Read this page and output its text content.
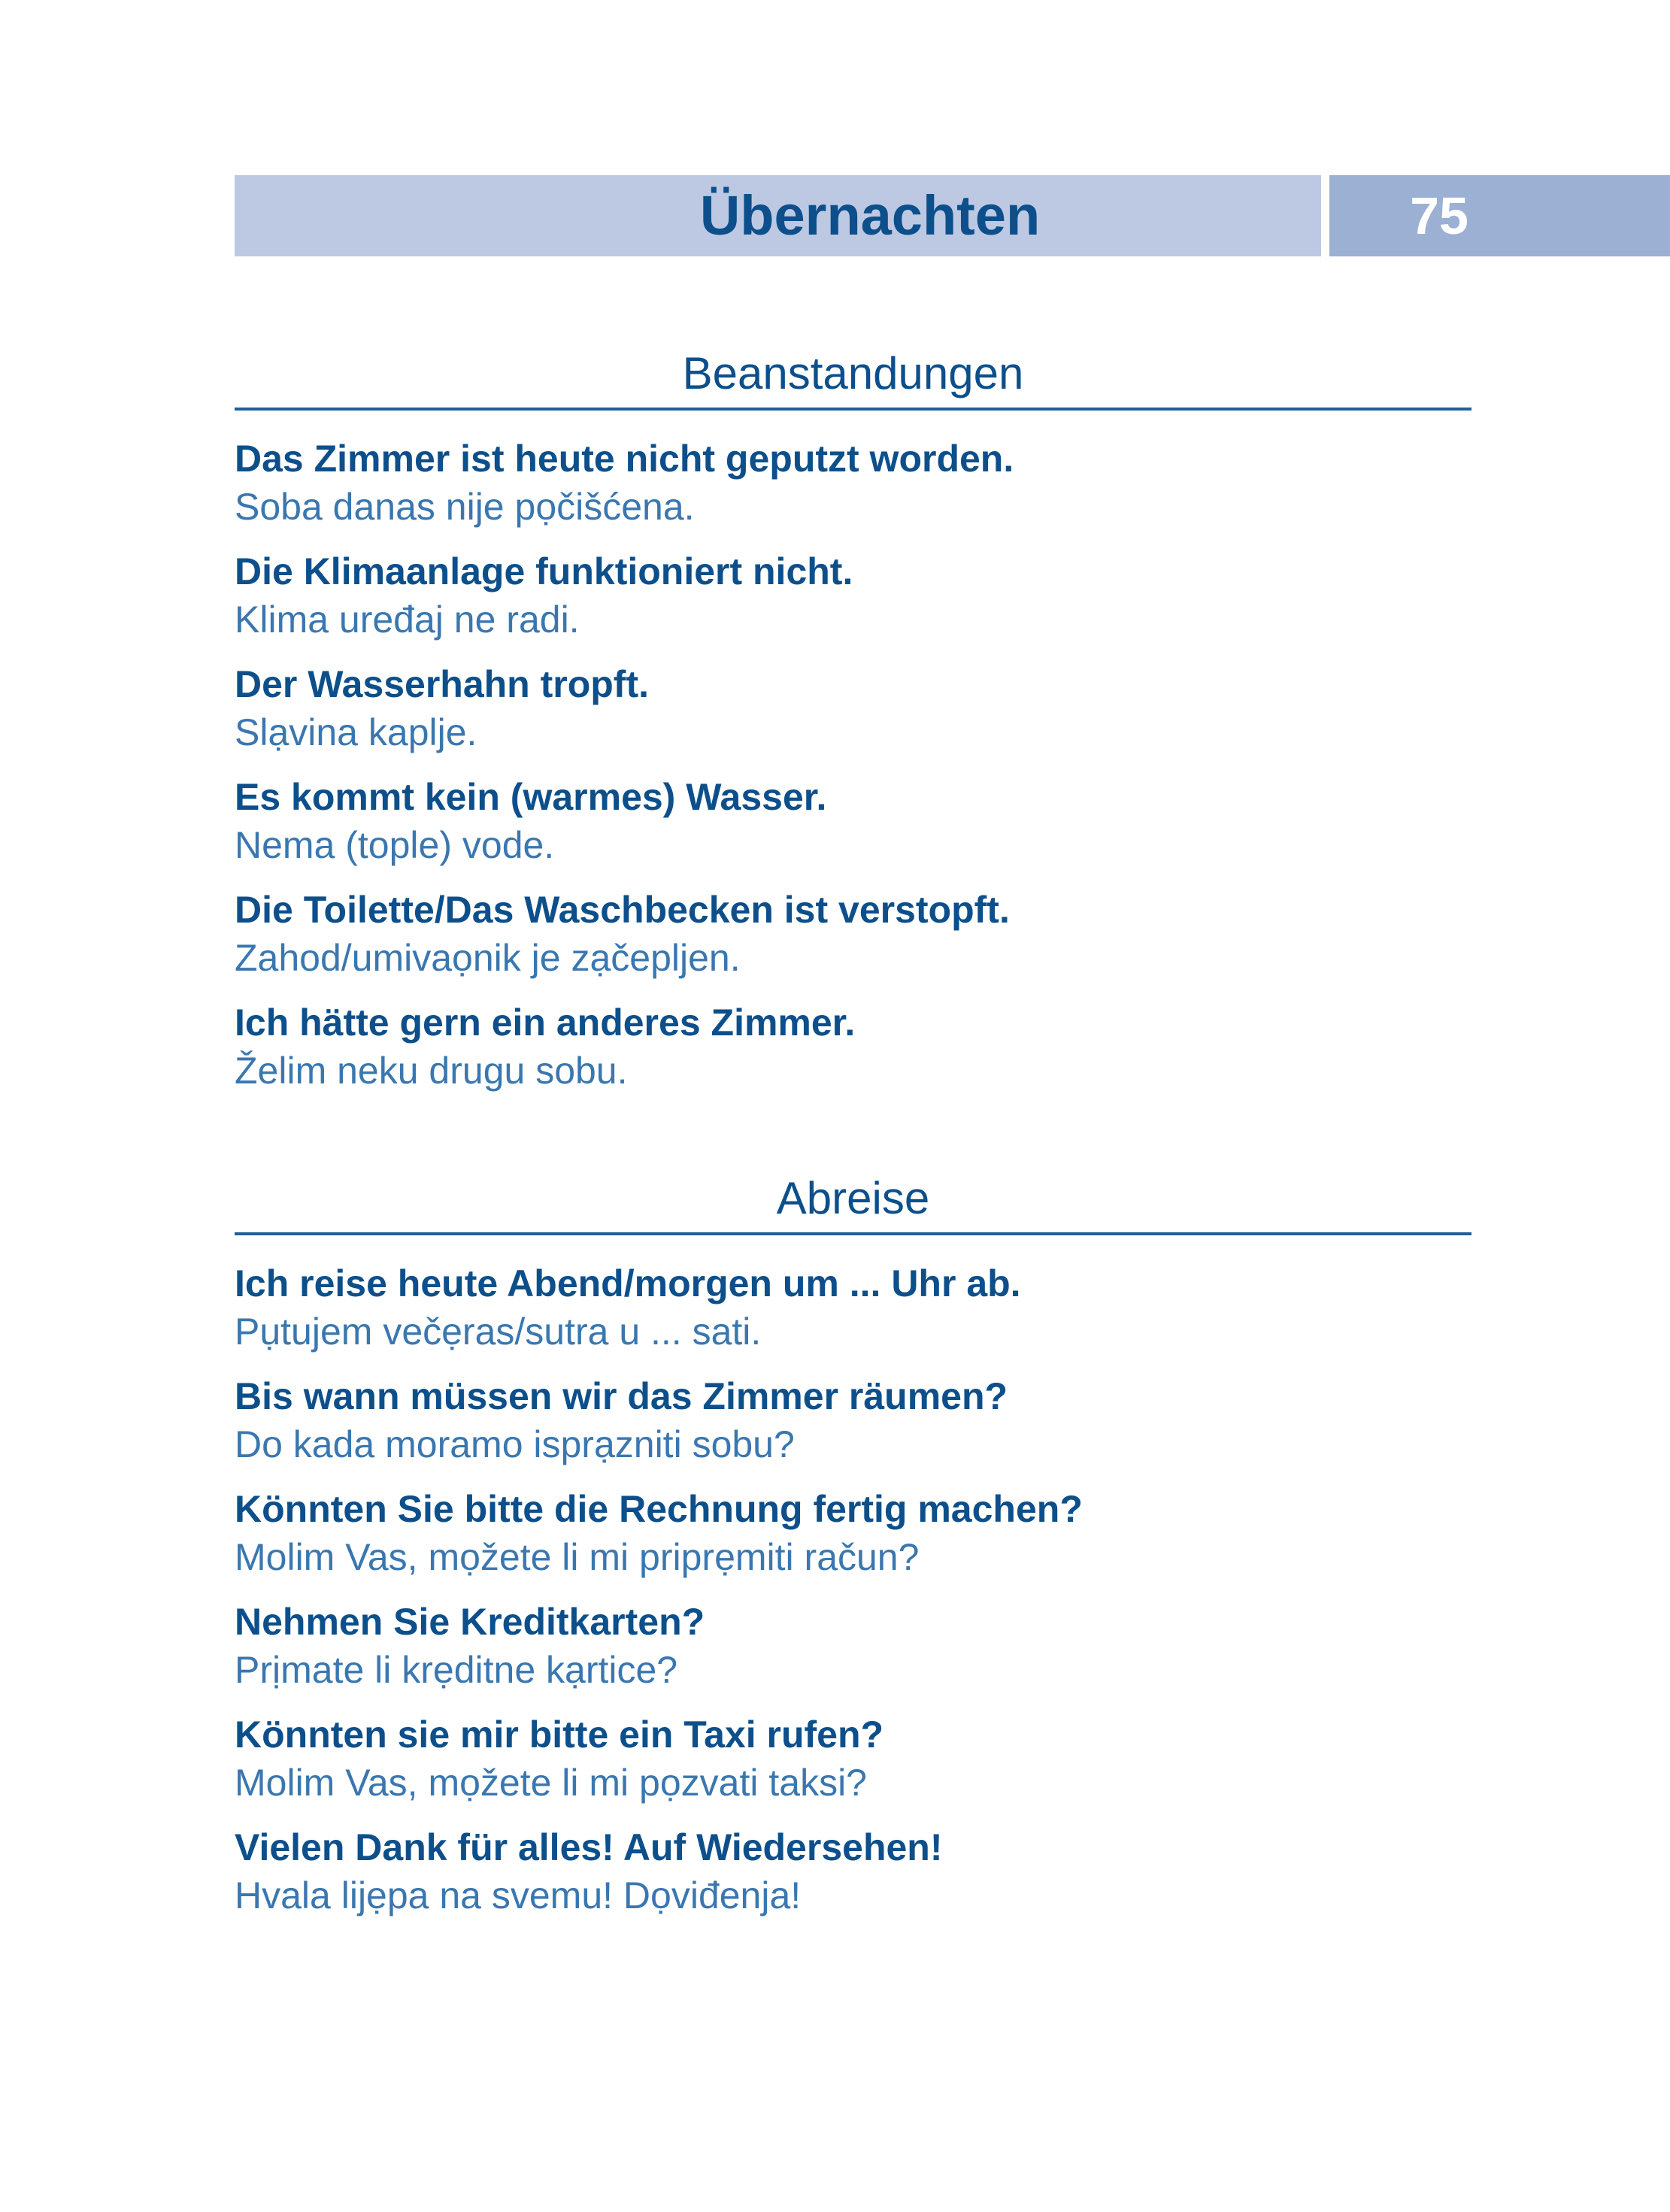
Übernachten	75
Beanstandungen
Das Zimmer ist heute nicht geputzt worden.
Soba danas nije pọčišćena.
Die Klimaanlage funktioniert nicht.
Klima uređaj ne radi.
Der Wasserhahn tropft.
Slạvina kaplje.
Es kommt kein (warmes) Wasser.
Nema (tople) vode.
Die Toilette/Das Waschbecken ist verstopft.
Zahod/umivaọnik je zạčepljen.
Ich hätte gern ein anderes Zimmer.
Želim neku drugu sobu.
Abreise
Ich reise heute Abend/morgen um ... Uhr ab.
Pụtujem večẹras/sutra u ... sati.
Bis wann müssen wir das Zimmer räumen?
Do kada moramo isprạzniti sobu?
Könnten Sie bitte die Rechnung fertig machen?
Molim Vas, mọžete li mi priprẹmiti račun?
Nehmen Sie Kreditkarten?
Prịmate li krẹditne kạrtice?
Könnten sie mir bitte ein Taxi rufen?
Molim Vas, mọžete li mi pọzvati taksi?
Vielen Dank für alles! Auf Wiedersehen!
Hvala lijẹpa na svemu! Dọviđenja!
